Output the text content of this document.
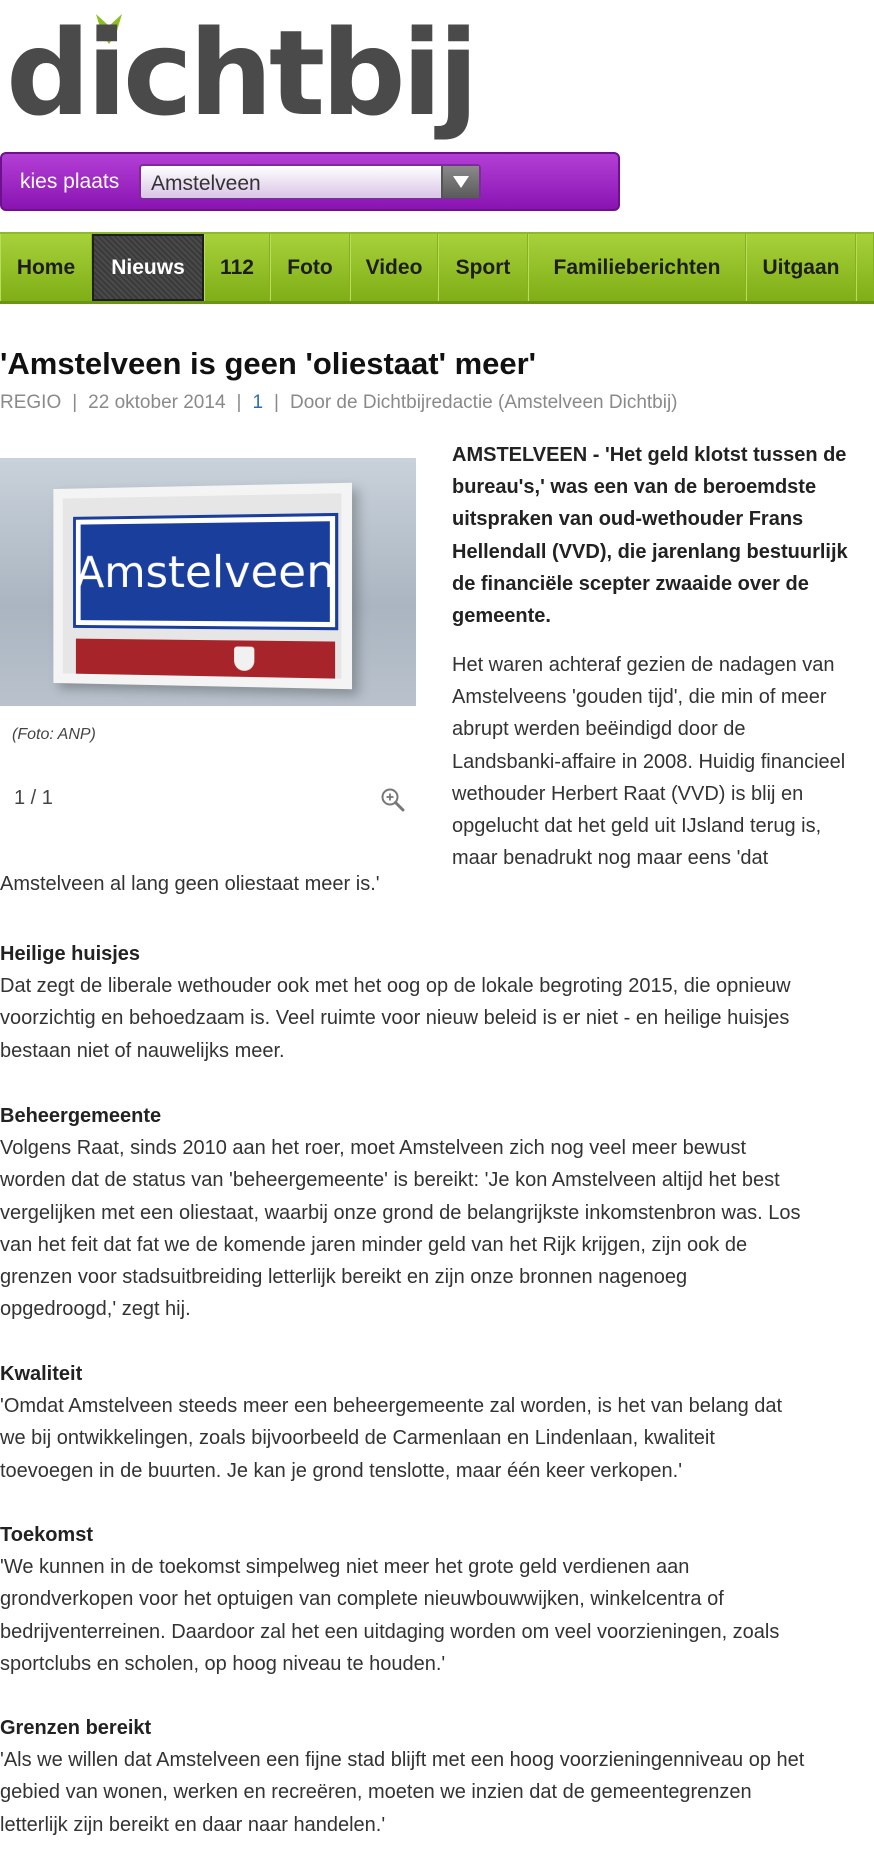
dichtbij
kies plaats Amstelveen
Home	Nieuws	112	Foto	Video	Sport	Familieberichten	Uitgaan
'Amstelveen is geen 'oliestaat' meer'
REGIO | 22 oktober 2014 | 1 | Door de Dichtbijredactie (Amstelveen Dichtbij)
Amstelveen
(Foto: ANP)
1 / 1
AMSTELVEEN - 'Het geld klotst tussen de
bureau's,' was een van de beroemdste
uitspraken van oud-wethouder Frans
Hellendall (VVD), die jarenlang bestuurlijk
de financiële scepter zwaaide over de
gemeente.
Het waren achteraf gezien de nadagen van
Amstelveens 'gouden tijd', die min of meer
abrupt werden beëindigd door de
Landsbanki-affaire in 2008. Huidig financieel
wethouder Herbert Raat (VVD) is blij en
opgelucht dat het geld uit IJsland terug is,
maar benadrukt nog maar eens 'dat
Amstelveen al lang geen oliestaat meer is.'
Heilige huisjes
Dat zegt de liberale wethouder ook met het oog op de lokale begroting 2015, die opnieuw
voorzichtig en behoedzaam is. Veel ruimte voor nieuw beleid is er niet - en heilige huisjes
bestaan niet of nauwelijks meer.
Beheergemeente
Volgens Raat, sinds 2010 aan het roer, moet Amstelveen zich nog veel meer bewust
worden dat de status van 'beheergemeente' is bereikt: 'Je kon Amstelveen altijd het best
vergelijken met een oliestaat, waarbij onze grond de belangrijkste inkomstenbron was. Los
van het feit dat fat we de komende jaren minder geld van het Rijk krijgen, zijn ook de
grenzen voor stadsuitbreiding letterlijk bereikt en zijn onze bronnen nagenoeg
opgedroogd,' zegt hij.
Kwaliteit
'Omdat Amstelveen steeds meer een beheergemeente zal worden, is het van belang dat
we bij ontwikkelingen, zoals bijvoorbeeld de Carmenlaan en Lindenlaan, kwaliteit
toevoegen in de buurten. Je kan je grond tenslotte, maar één keer verkopen.'
Toekomst
'We kunnen in de toekomst simpelweg niet meer het grote geld verdienen aan
grondverkopen voor het optuigen van complete nieuwbouwwijken, winkelcentra of
bedrijventerreinen. Daardoor zal het een uitdaging worden om veel voorzieningen, zoals
sportclubs en scholen, op hoog niveau te houden.'
Grenzen bereikt
'Als we willen dat Amstelveen een fijne stad blijft met een hoog voorzieningenniveau op het
gebied van wonen, werken en recreëren, moeten we inzien dat de gemeentegrenzen
letterlijk zijn bereikt en daar naar handelen.'
